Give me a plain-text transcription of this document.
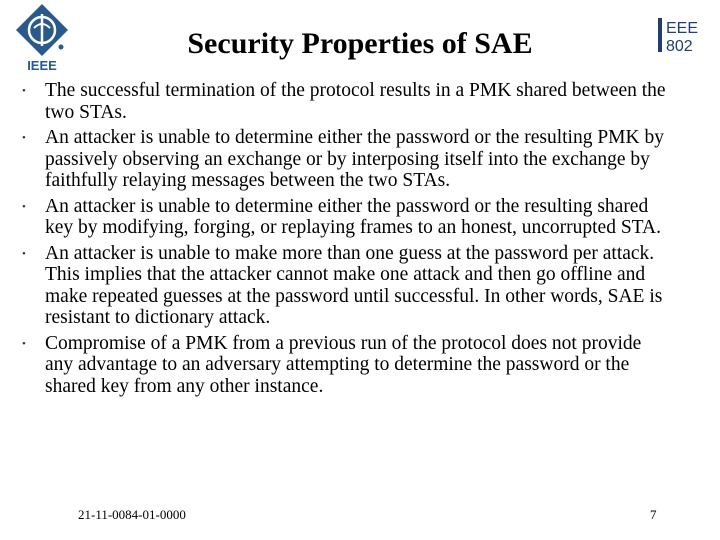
IEEE
EEE
802
Security Properties of SAE
• The successful termination of the protocol results in a PMK shared between the two STAs.
• An attacker is unable to determine either the password or the resulting PMK by passively observing an exchange or by interposing itself into the exchange by faithfully relaying messages between the two STAs.
• An attacker is unable to determine either the password or the resulting shared key by modifying, forging, or replaying frames to an honest, uncorrupted STA.
• An attacker is unable to make more than one guess at the password per attack. This implies that the attacker cannot make one attack and then go offline and make repeated guesses at the password until successful. In other words, SAE is resistant to dictionary attack.
• Compromise of a PMK from a previous run of the protocol does not provide any advantage to an adversary attempting to determine the password or the shared key from any other instance.
21-11-0084-01-0000	7
